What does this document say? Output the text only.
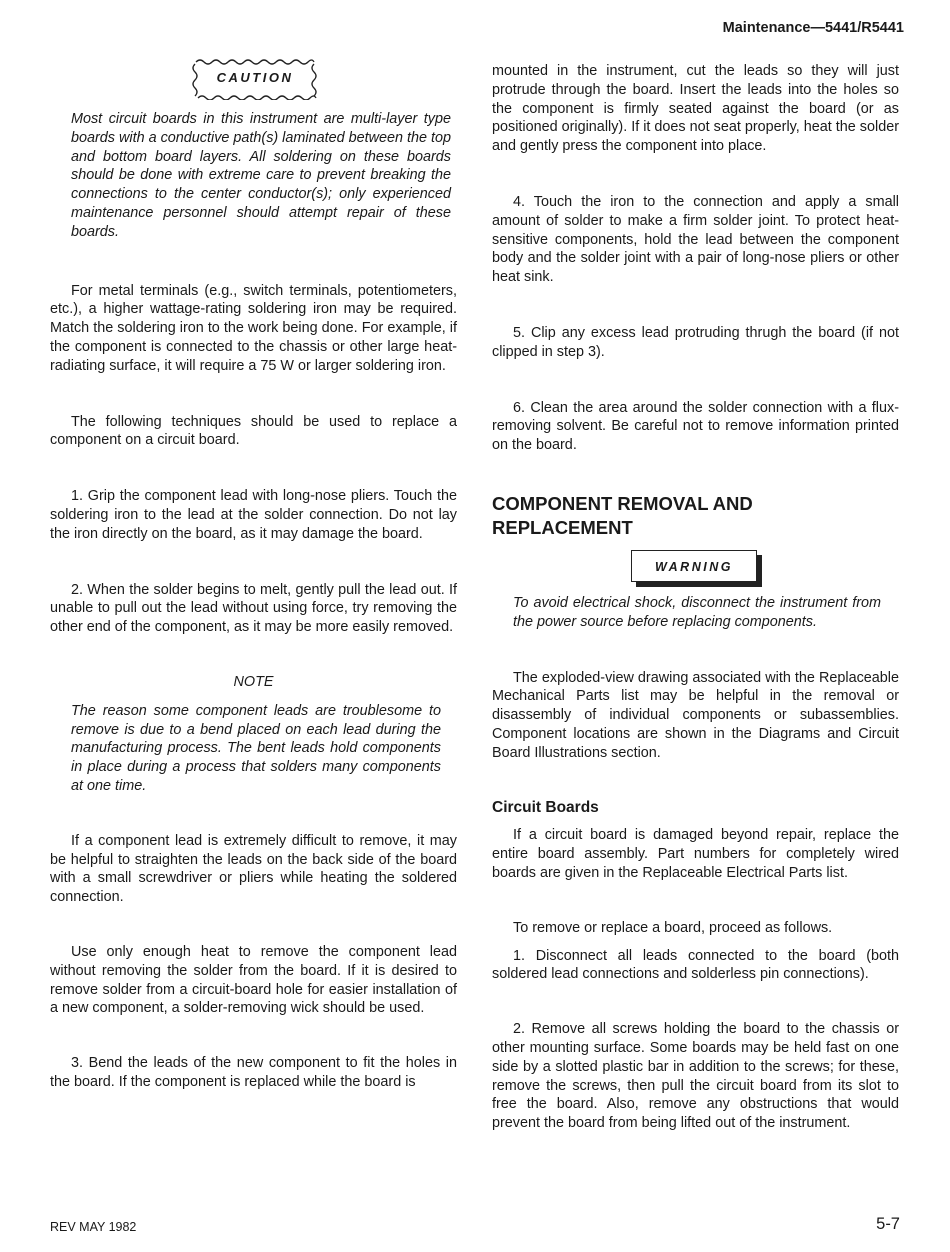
Maintenance—5441/R5441
CAUTION

Most circuit boards in this instrument are multi-layer type boards with a conductive path(s) laminated between the top and bottom board layers. All soldering on these boards should be done with extreme care to prevent breaking the connections to the center conductor(s); only experienced maintenance personnel should attempt repair of these boards.

For metal terminals (e.g., switch terminals, potentiometers, etc.), a higher wattage-rating soldering iron may be required. Match the soldering iron to the work being done. For example, if the component is connected to the chassis or other large heat-radiating surface, it will require a 75 W or larger soldering iron.

The following techniques should be used to replace a component on a circuit board.

1. Grip the component lead with long-nose pliers. Touch the soldering iron to the lead at the solder connection. Do not lay the iron directly on the board, as it may damage the board.

2. When the solder begins to melt, gently pull the lead out. If unable to pull out the lead without using force, try removing the other end of the component, as it may be more easily removed.

NOTE

The reason some component leads are troublesome to remove is due to a bend placed on each lead during the manufacturing process. The bent leads hold components in place during a process that solders many components at one time.

If a component lead is extremely difficult to remove, it may be helpful to straighten the leads on the back side of the board with a small screwdriver or pliers while heating the soldered connection.

Use only enough heat to remove the component lead without removing the solder from the board. If it is desired to remove solder from a circuit-board hole for easier installation of a new component, a solder-removing wick should be used.

3. Bend the leads of the new component to fit the holes in the board. If the component is replaced while the board is

mounted in the instrument, cut the leads so they will just protrude through the board. Insert the leads into the holes so the component is firmly seated against the board (or as positioned originally). If it does not seat properly, heat the solder and gently press the component into place.

4. Touch the iron to the connection and apply a small amount of solder to make a firm solder joint. To protect heat-sensitive components, hold the lead between the component body and the solder joint with a pair of long-nose pliers or other heat sink.

5. Clip any excess lead protruding thrugh the board (if not clipped in step 3).

6. Clean the area around the solder connection with a flux-removing solvent. Be careful not to remove information printed on the board.

COMPONENT REMOVAL AND

REPLACEMENT

WARNING

To avoid electrical shock, disconnect the instrument from the power source before replacing components.

The exploded-view drawing associated with the Replaceable Mechanical Parts list may be helpful in the removal or disassembly of individual components or subassemblies. Component locations are shown in the Diagrams and Circuit Board Illustrations section.

Circuit Boards

If a circuit board is damaged beyond repair, replace the entire board assembly. Part numbers for completely wired boards are given in the Replaceable Electrical Parts list.

To remove or replace a board, proceed as follows.

1. Disconnect all leads connected to the board (both soldered lead connections and solderless pin connections).

2. Remove all screws holding the board to the chassis or other mounting surface. Some boards may be held fast on one side by a slotted plastic bar in addition to the screws; for these, remove the screws, then pull the circuit board from its slot to free the board. Also, remove any obstructions that would prevent the board from being lifted out of the instrument.

REV MAY 1982	5-7
